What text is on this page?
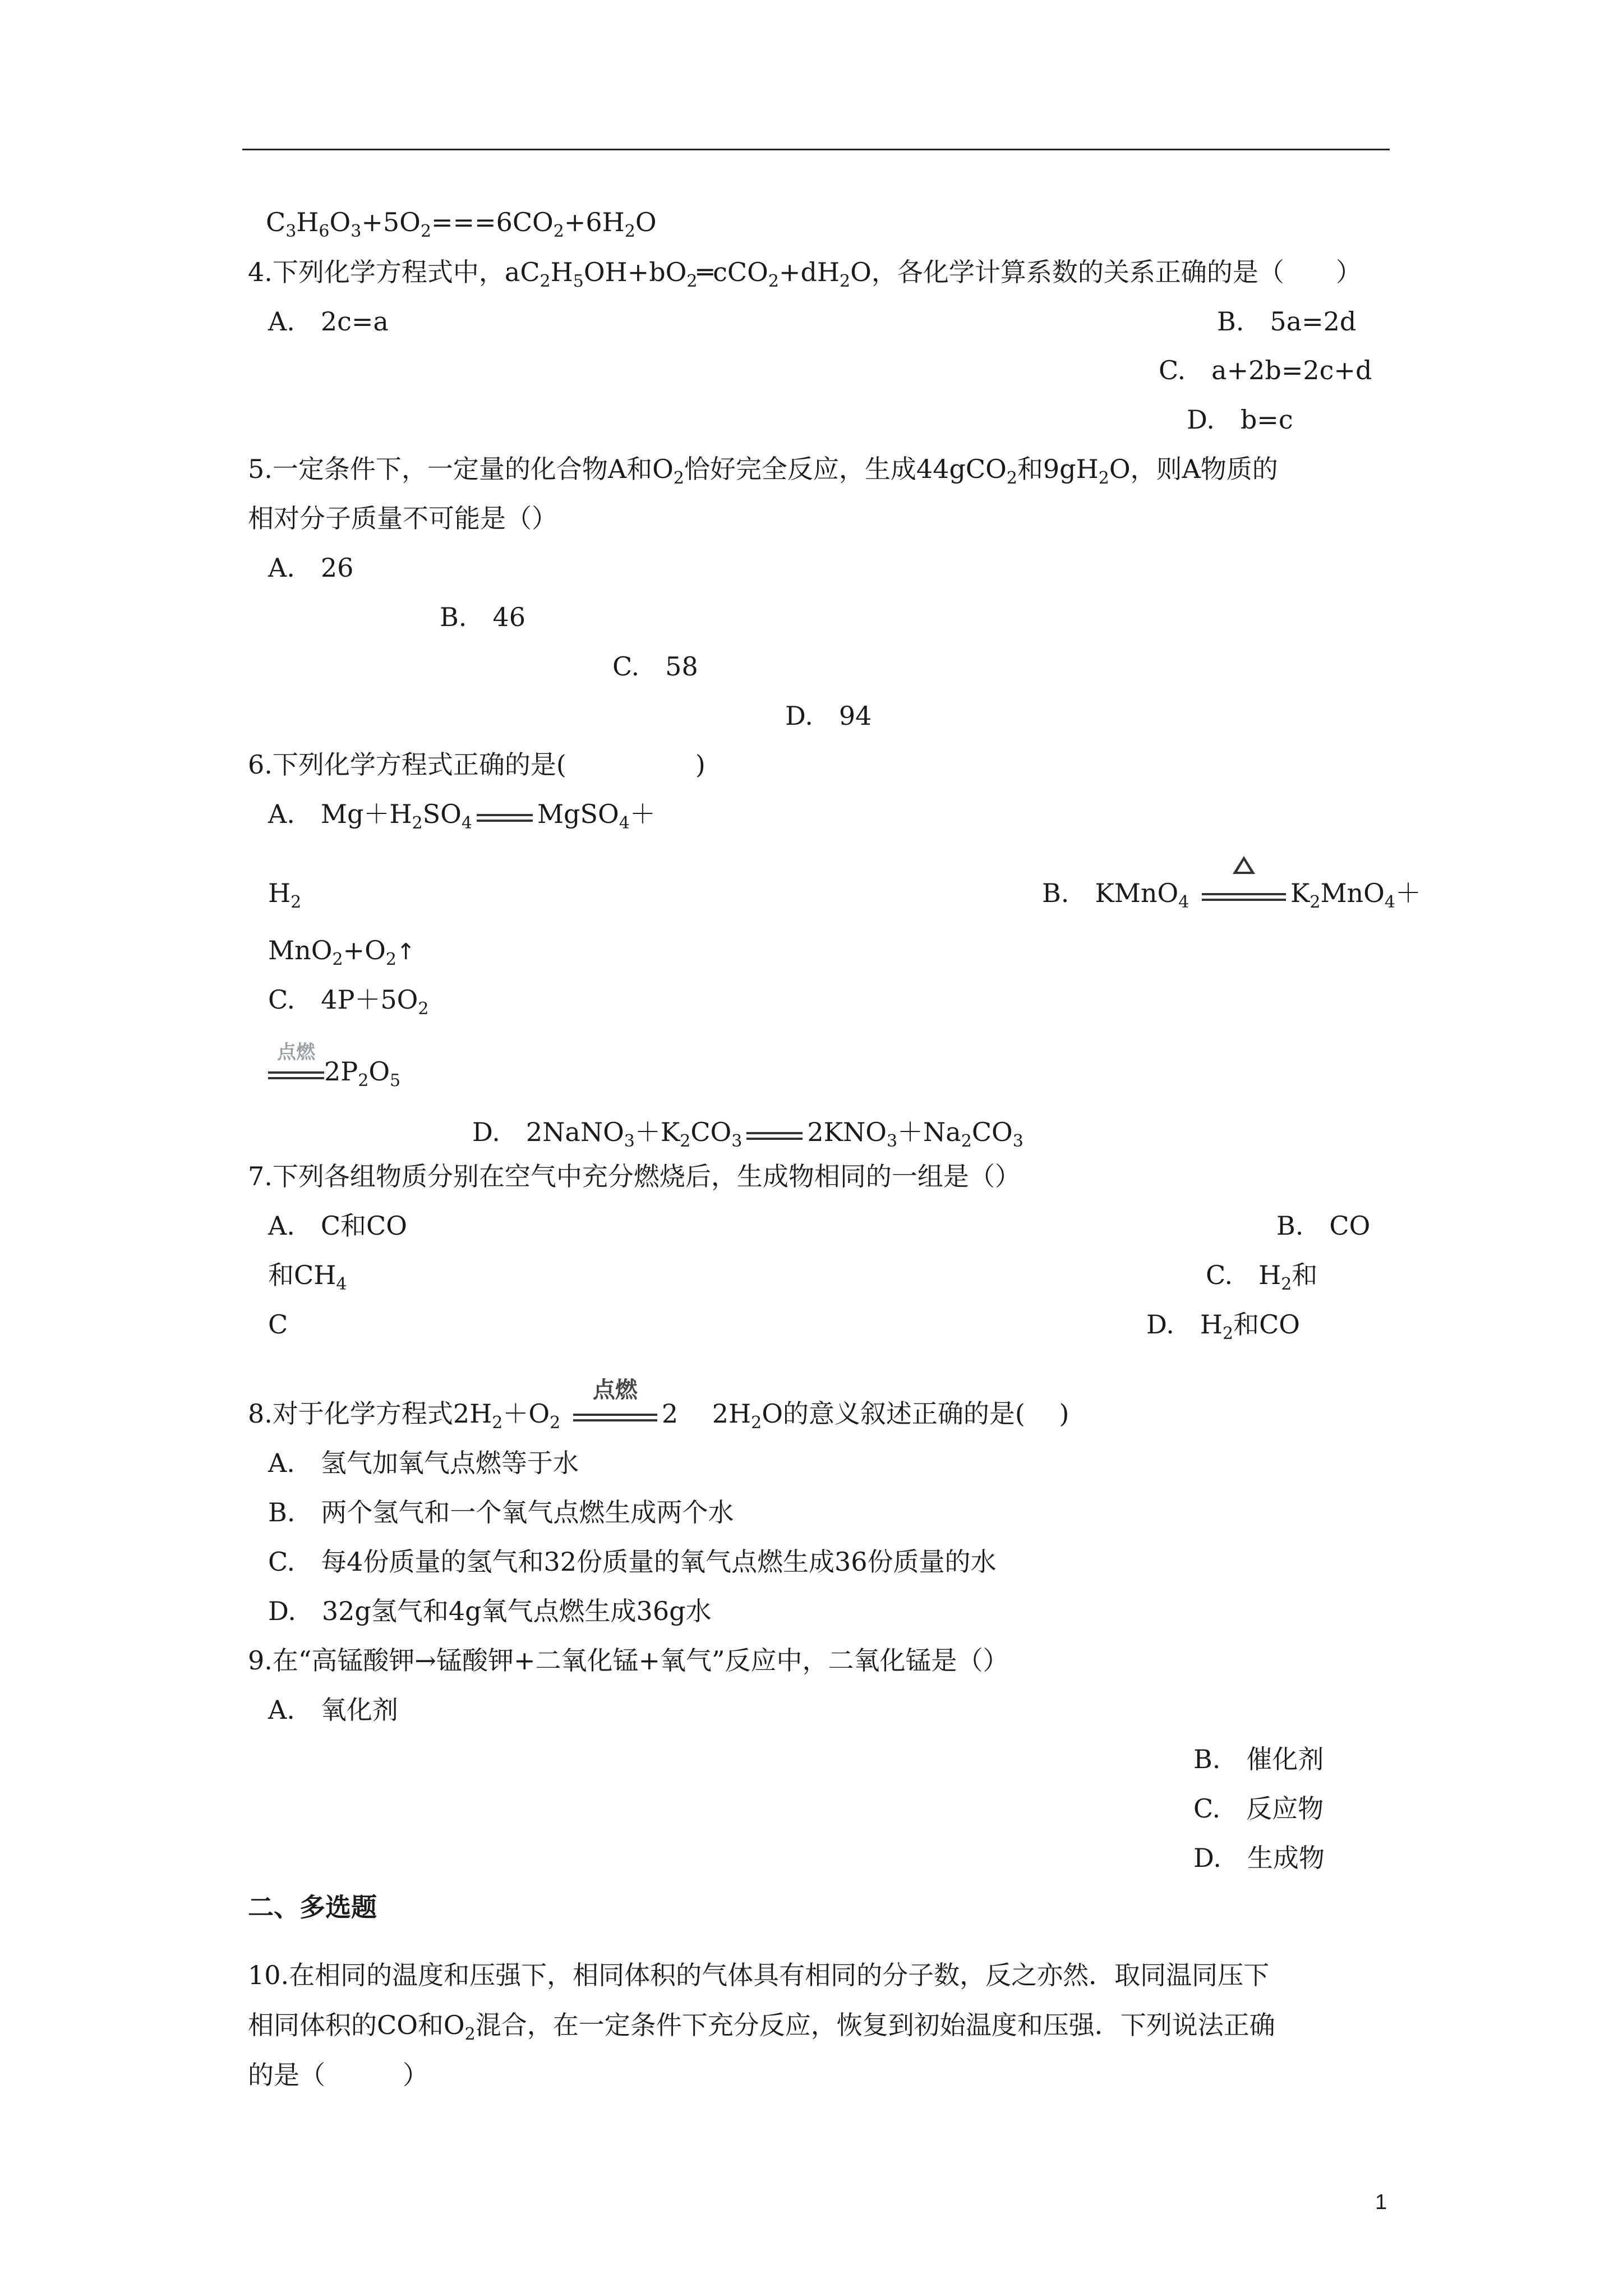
$C_3H_6O_3+5O_2===6CO_2+6H_2O$
4.下列化学方程式中，$aC_2H_5OH+bO_2═cCO_2+dH_2O$，各化学计算系数的关系正确的是（　　）
A.　2c=a	B.　5a=2d
C.　a+2b=2c+d
D.　b=c
5.一定条件下，一定量的化合物A和$O_2$恰好完全反应，生成44gCO$_2$和$9gH_2O$，则A物质的
相对分子质量不可能是（）
A.　26
B.　46
C.　58
D.　94
6.下列化学方程式正确的是(　　　　　)
A.　$Mg+H_2SO_4$	MgSO$_4$＋
$H_2$	B.　KMnO$_4$	$K_2MnO_4+$
$MnO_2+O_2↑$
C.　$4P+5O_2$
点燃
$2P_2O_5$
D.　$2NaNO_3+K_2CO_3$	$2KNO_3+Na_2CO_3$
7.下列各组物质分别在空气中充分燃烧后，生成物相同的一组是（）
A.　C和CO	B.　CO
和$CH_4$	C.　$H_2$和
C	D.　$H_2$和CO
8.对于化学方程式$2H_2+O_2$
点燃
2　 $2H_2O$的意义叙述正确的是(　 )
A.　氢气加氧气点燃等于水
B.　两个氢气和一个氧气点燃生成两个水
C.　每4份质量的氢气和32份质量的氧气点燃生成36份质量的水
D.　32g氢气和4g氧气点燃生成36g水
9.在“高锰酸钾→锰酸钾+二氧化锰+氧气”反应中，二氧化锰是（）
A.　氧化剂
B.　催化剂
C.　反应物
D.　生成物
二、多选题
10.在相同的温度和压强下，相同体积的气体具有相同的分子数，反之亦然．取同温同压下
相同体积的CO和$O_2$混合，在一定条件下充分反应，恢复到初始温度和压强．下列说法正确
的是（　　　）
1
